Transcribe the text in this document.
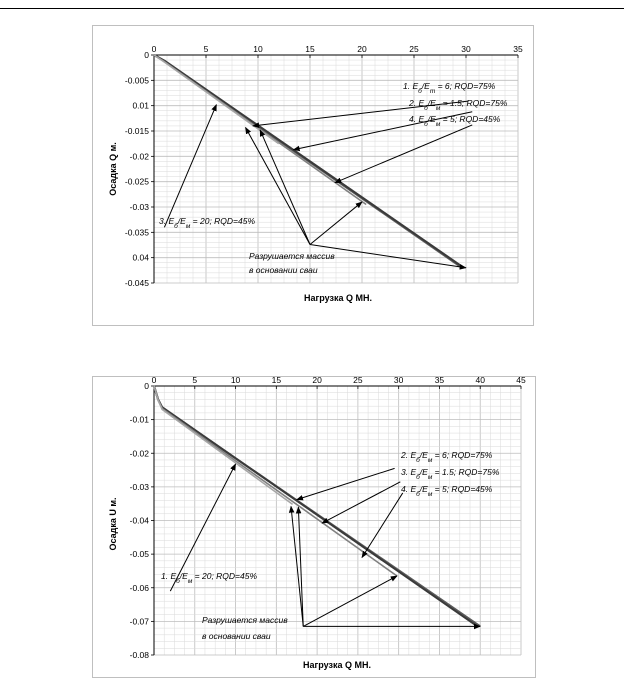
0	5	10	15	20	25	30	35
0
-0.005
0.01
-0.015
-0.02
-0.025
-0.03
-0.035
0.04
-0.045
Нагрузка Q МН.
Осадка Q м.
1. $E_б/E_т = 6$; RQD=75%
2. $E_б/E_м = 1.5$; RQD=75%
4. $E_б/E_м = 5$; RQD=45%
3. $E_б/E_м = 20$; RQD=45%
Разрушается массив
в основании сваи
0	5	10	15	20	25	30	35	40	45
0
-0.01
-0.02
-0.03
-0.04
-0.05
-0.06
-0.07
-0.08
Нагрузка Q МН.
Осадка U м.
2. $E_б/E_м = 6$; RQD=75%
3. $E_б/E_м = 1.5$; RQD=75%
4. $E_б/E_м = 5$; RQD=45%
1. $E_б/E_м = 20$; RQD=45%
Разрушается массив
в основании сваи
